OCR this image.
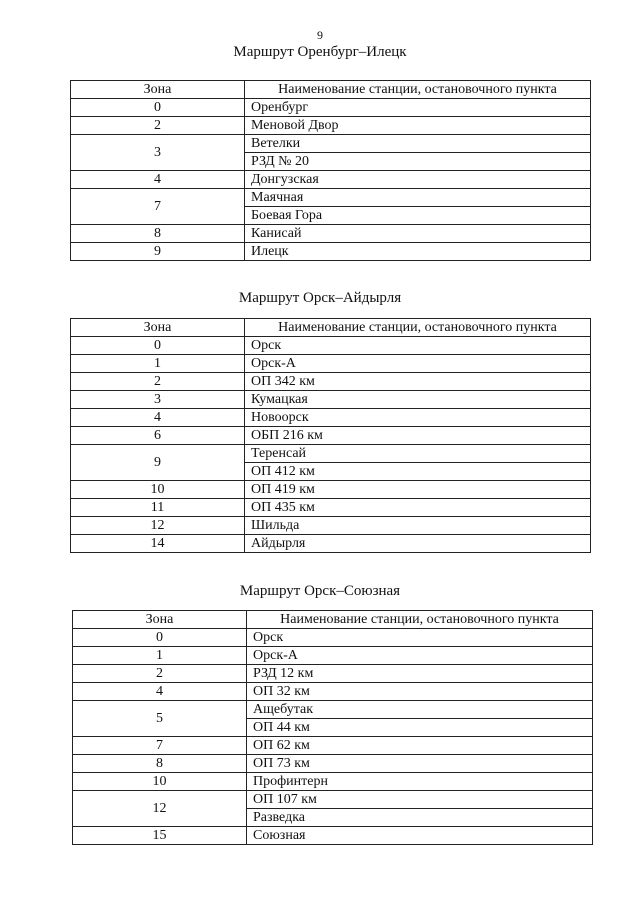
9
Маршрут Оренбург–Илецк
Зона	Наименование станции, остановочного пункта
0	Оренбург
2	Меновой Двор
3	Ветелки
	РЗД № 20
4	Донгузская
7	Маячная
	Боевая Гора
8	Канисай
9	Илецк
Маршрут Орск–Айдырля
Зона	Наименование станции, остановочного пункта
0	Орск
1	Орск-А
2	ОП 342 км
3	Кумацкая
4	Новоорск
6	ОБП 216 км
9	Теренсай
	ОП 412 км
10	ОП 419 км
11	ОП 435 км
12	Шильда
14	Айдырля
Маршрут Орск–Союзная
Зона	Наименование станции, остановочного пункта
0	Орск
1	Орск-А
2	РЗД 12 км
4	ОП 32 км
5	Ащебутак
	ОП 44 км
7	ОП 62 км
8	ОП 73 км
10	Профинтерн
12	ОП 107 км
	Разведка
15	Союзная
